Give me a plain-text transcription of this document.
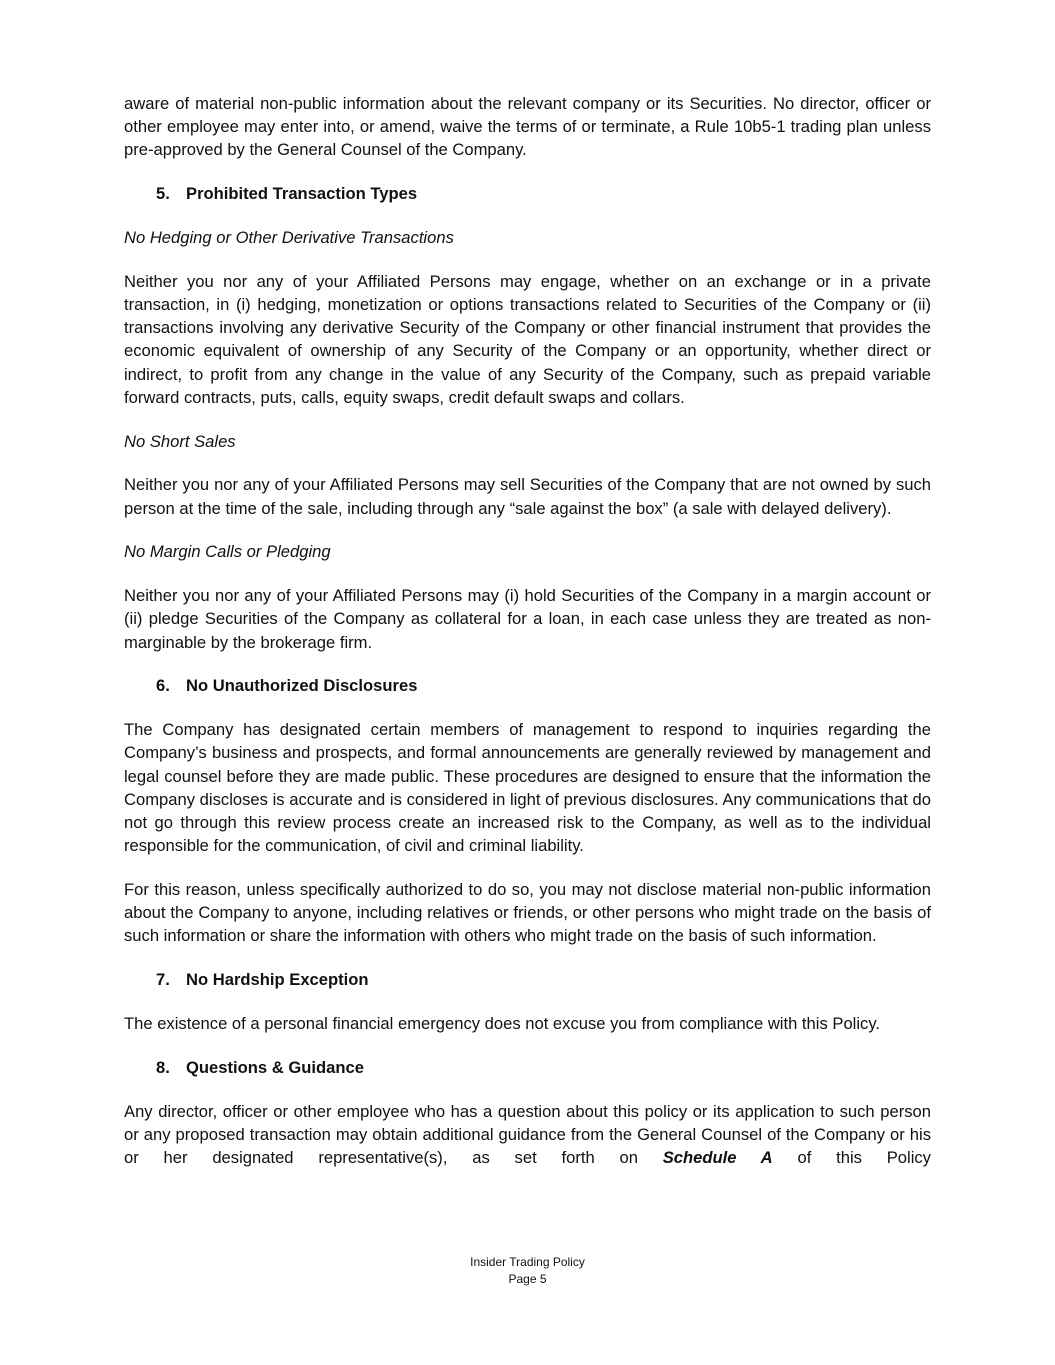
aware of material non-public information about the relevant company or its Securities. No director, officer or other employee may enter into, or amend, waive the terms of or terminate, a Rule 10b5-1 trading plan unless pre-approved by the General Counsel of the Company.

5. Prohibited Transaction Types

No Hedging or Other Derivative Transactions

Neither you nor any of your Affiliated Persons may engage, whether on an exchange or in a private transaction, in (i) hedging, monetization or options transactions related to Securities of the Company or (ii) transactions involving any derivative Security of the Company or other financial instrument that provides the economic equivalent of ownership of any Security of the Company or an opportunity, whether direct or indirect, to profit from any change in the value of any Security of the Company, such as prepaid variable forward contracts, puts, calls, equity swaps, credit default swaps and collars.

No Short Sales

Neither you nor any of your Affiliated Persons may sell Securities of the Company that are not owned by such person at the time of the sale, including through any “sale against the box” (a sale with delayed delivery).

No Margin Calls or Pledging

Neither you nor any of your Affiliated Persons may (i) hold Securities of the Company in a margin account or (ii) pledge Securities of the Company as collateral for a loan, in each case unless they are treated as non-marginable by the brokerage firm.

6. No Unauthorized Disclosures

The Company has designated certain members of management to respond to inquiries regarding the Company’s business and prospects, and formal announcements are generally reviewed by management and legal counsel before they are made public. These procedures are designed to ensure that the information the Company discloses is accurate and is considered in light of previous disclosures. Any communications that do not go through this review process create an increased risk to the Company, as well as to the individual responsible for the communication, of civil and criminal liability.

For this reason, unless specifically authorized to do so, you may not disclose material non-public information about the Company to anyone, including relatives or friends, or other persons who might trade on the basis of such information or share the information with others who might trade on the basis of such information.

7. No Hardship Exception

The existence of a personal financial emergency does not excuse you from compliance with this Policy.

8. Questions & Guidance

Any director, officer or other employee who has a question about this policy or its application to such person or any proposed transaction may obtain additional guidance from the General Counsel of the Company or his or her designated representative(s), as set forth on Schedule A of this Policy

Insider Trading Policy
Page 5
